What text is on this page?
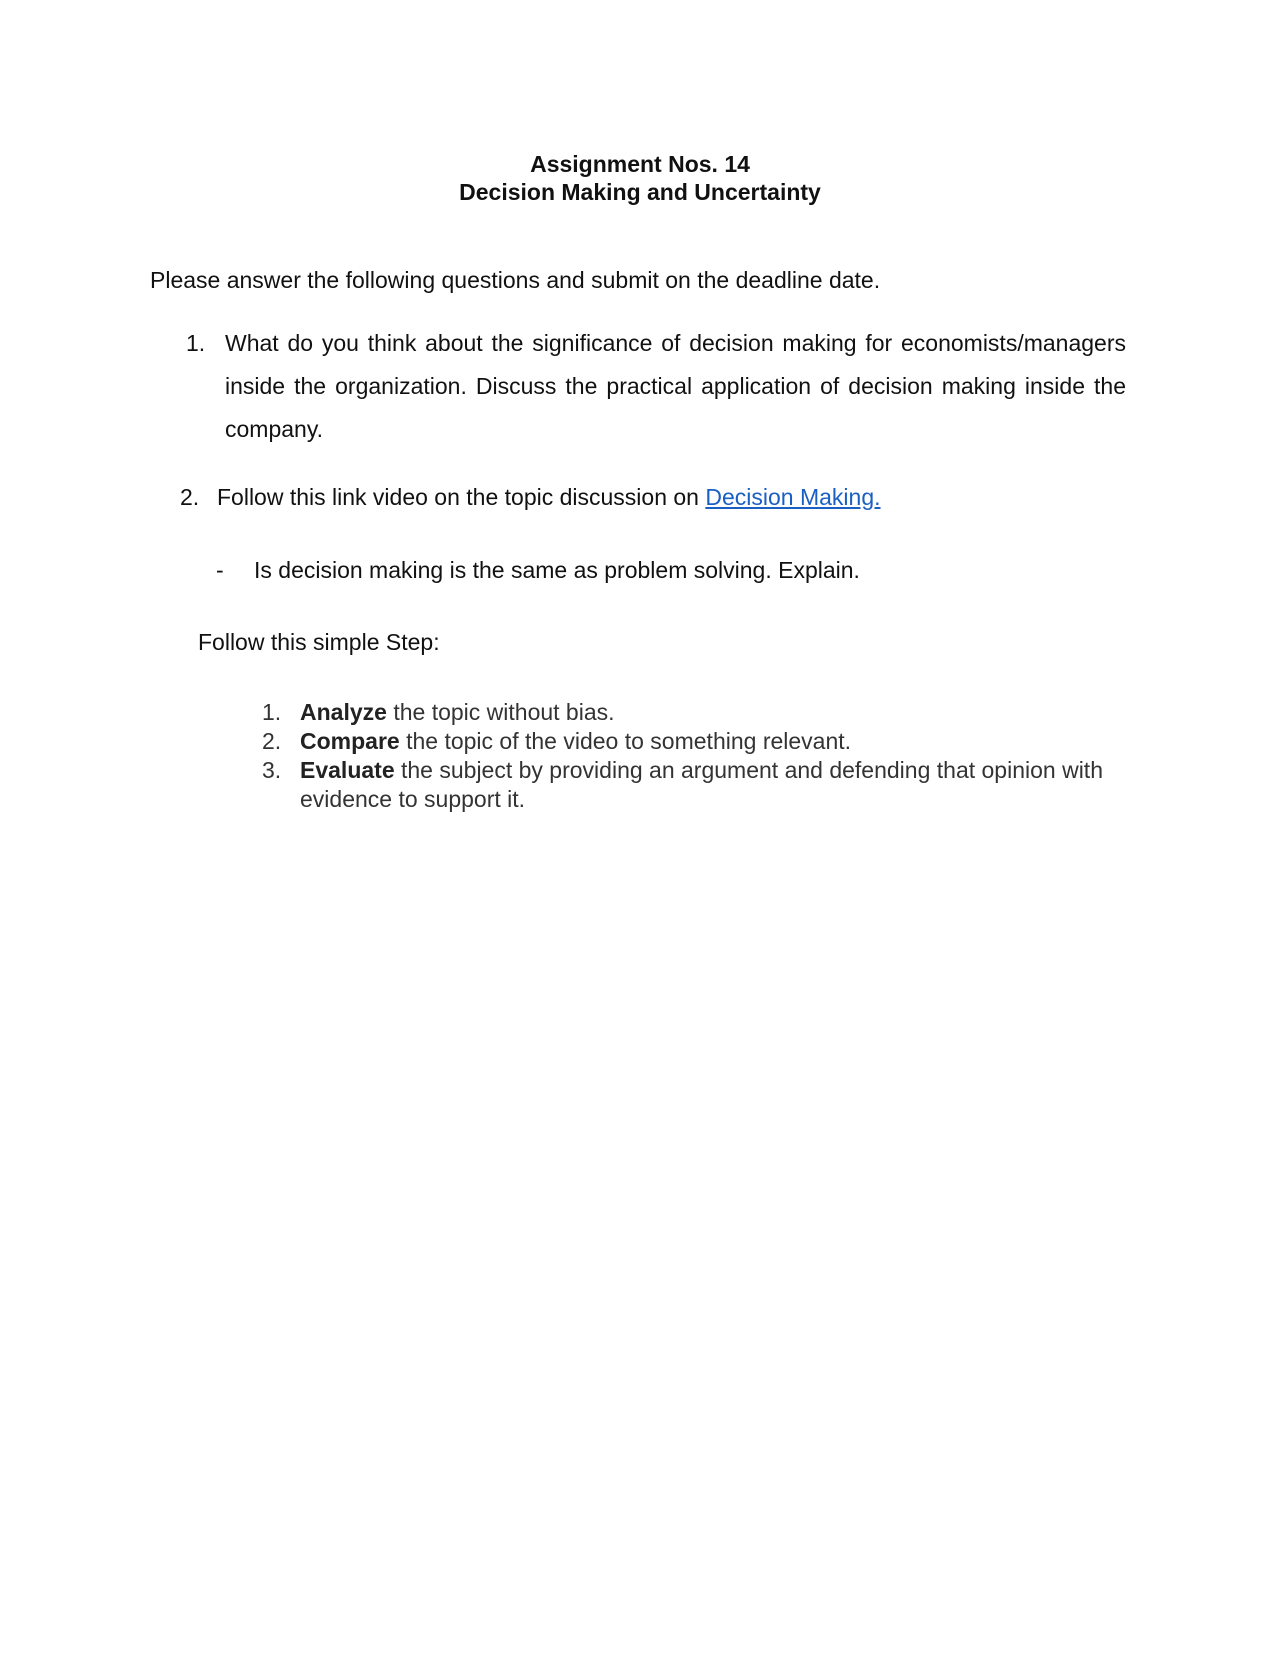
Assignment Nos. 14
Decision Making and Uncertainty
Please answer the following questions and submit on the deadline date.
1. What do you think about the significance of decision making for economists/managers inside the organization. Discuss the practical application of decision making inside the company.
2. Follow this link video on the topic discussion on Decision Making.
- Is decision making is the same as problem solving. Explain.
Follow this simple Step:
1. Analyze the topic without bias.
2. Compare the topic of the video to something relevant.
3. Evaluate the subject by providing an argument and defending that opinion with evidence to support it.
